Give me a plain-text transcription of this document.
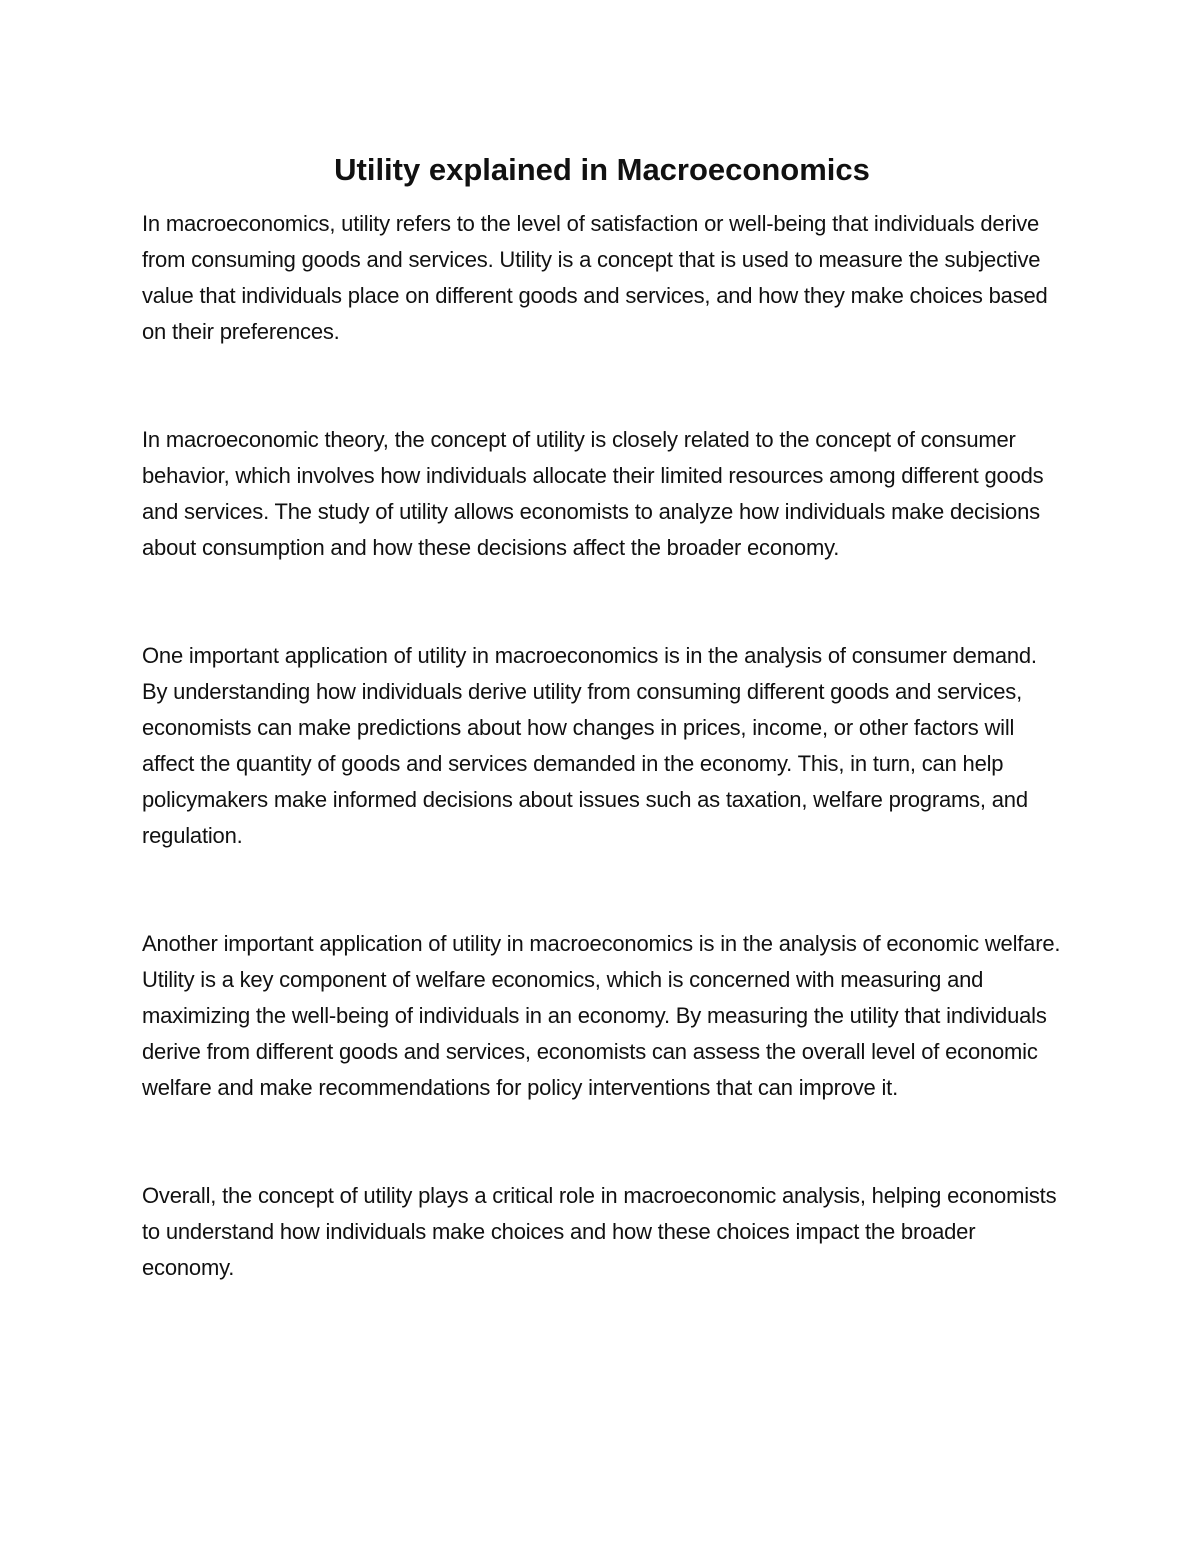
Utility explained in Macroeconomics

In macroeconomics, utility refers to the level of satisfaction or well-being that individuals derive from consuming goods and services. Utility is a concept that is used to measure the subjective value that individuals place on different goods and services, and how they make choices based on their preferences.

In macroeconomic theory, the concept of utility is closely related to the concept of consumer behavior, which involves how individuals allocate their limited resources among different goods and services. The study of utility allows economists to analyze how individuals make decisions about consumption and how these decisions affect the broader economy.

One important application of utility in macroeconomics is in the analysis of consumer demand. By understanding how individuals derive utility from consuming different goods and services, economists can make predictions about how changes in prices, income, or other factors will affect the quantity of goods and services demanded in the economy. This, in turn, can help policymakers make informed decisions about issues such as taxation, welfare programs, and regulation.

Another important application of utility in macroeconomics is in the analysis of economic welfare. Utility is a key component of welfare economics, which is concerned with measuring and maximizing the well-being of individuals in an economy. By measuring the utility that individuals derive from different goods and services, economists can assess the overall level of economic welfare and make recommendations for policy interventions that can improve it.

Overall, the concept of utility plays a critical role in macroeconomic analysis, helping economists to understand how individuals make choices and how these choices impact the broader economy.
